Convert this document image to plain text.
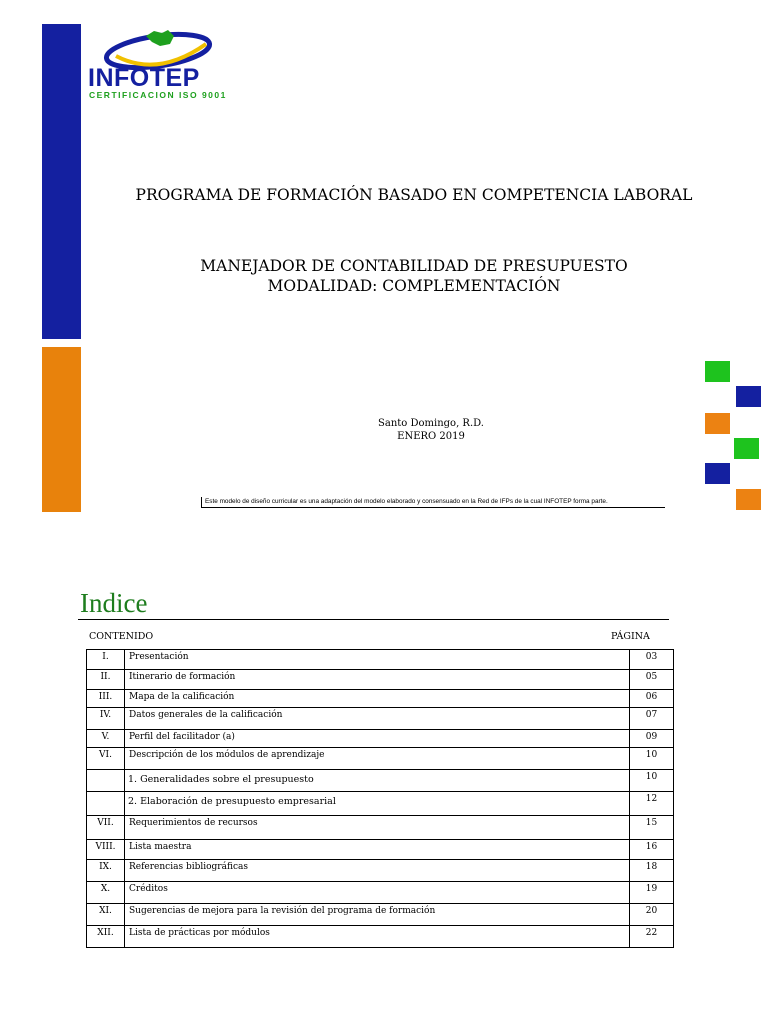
INFOTEP

CERTIFICACION ISO 9001

PROGRAMA DE FORMACIÓN BASADO EN COMPETENCIA LABORAL

MANEJADOR DE CONTABILIDAD DE PRESUPUESTO
MODALIDAD: COMPLEMENTACIÓN
Santo Domingo, R.D.
ENERO 2019
Este modelo de diseño curricular es una adaptación del modelo elaborado y consensuado en la Red de IFPs de la cual INFOTEP forma parte.

Indice

CONTENIDO	PÁGINA
I.	Presentación	03
II.	Itinerario de formación	05
III.	Mapa de la calificación	06
IV.	Datos generales de la calificación	07
V.	Perfil del facilitador (a)	09
VI.	Descripción de los módulos de aprendizaje	10
	1. Generalidades sobre el presupuesto	10
	2. Elaboración de presupuesto empresarial	12
VII.	Requerimientos de recursos	15
VIII.	Lista maestra	16
IX.	Referencias bibliográficas	18
X.	Créditos	19
XI.	Sugerencias de mejora para la revisión del programa de formación	20
XII.	Lista de prácticas por módulos	22
